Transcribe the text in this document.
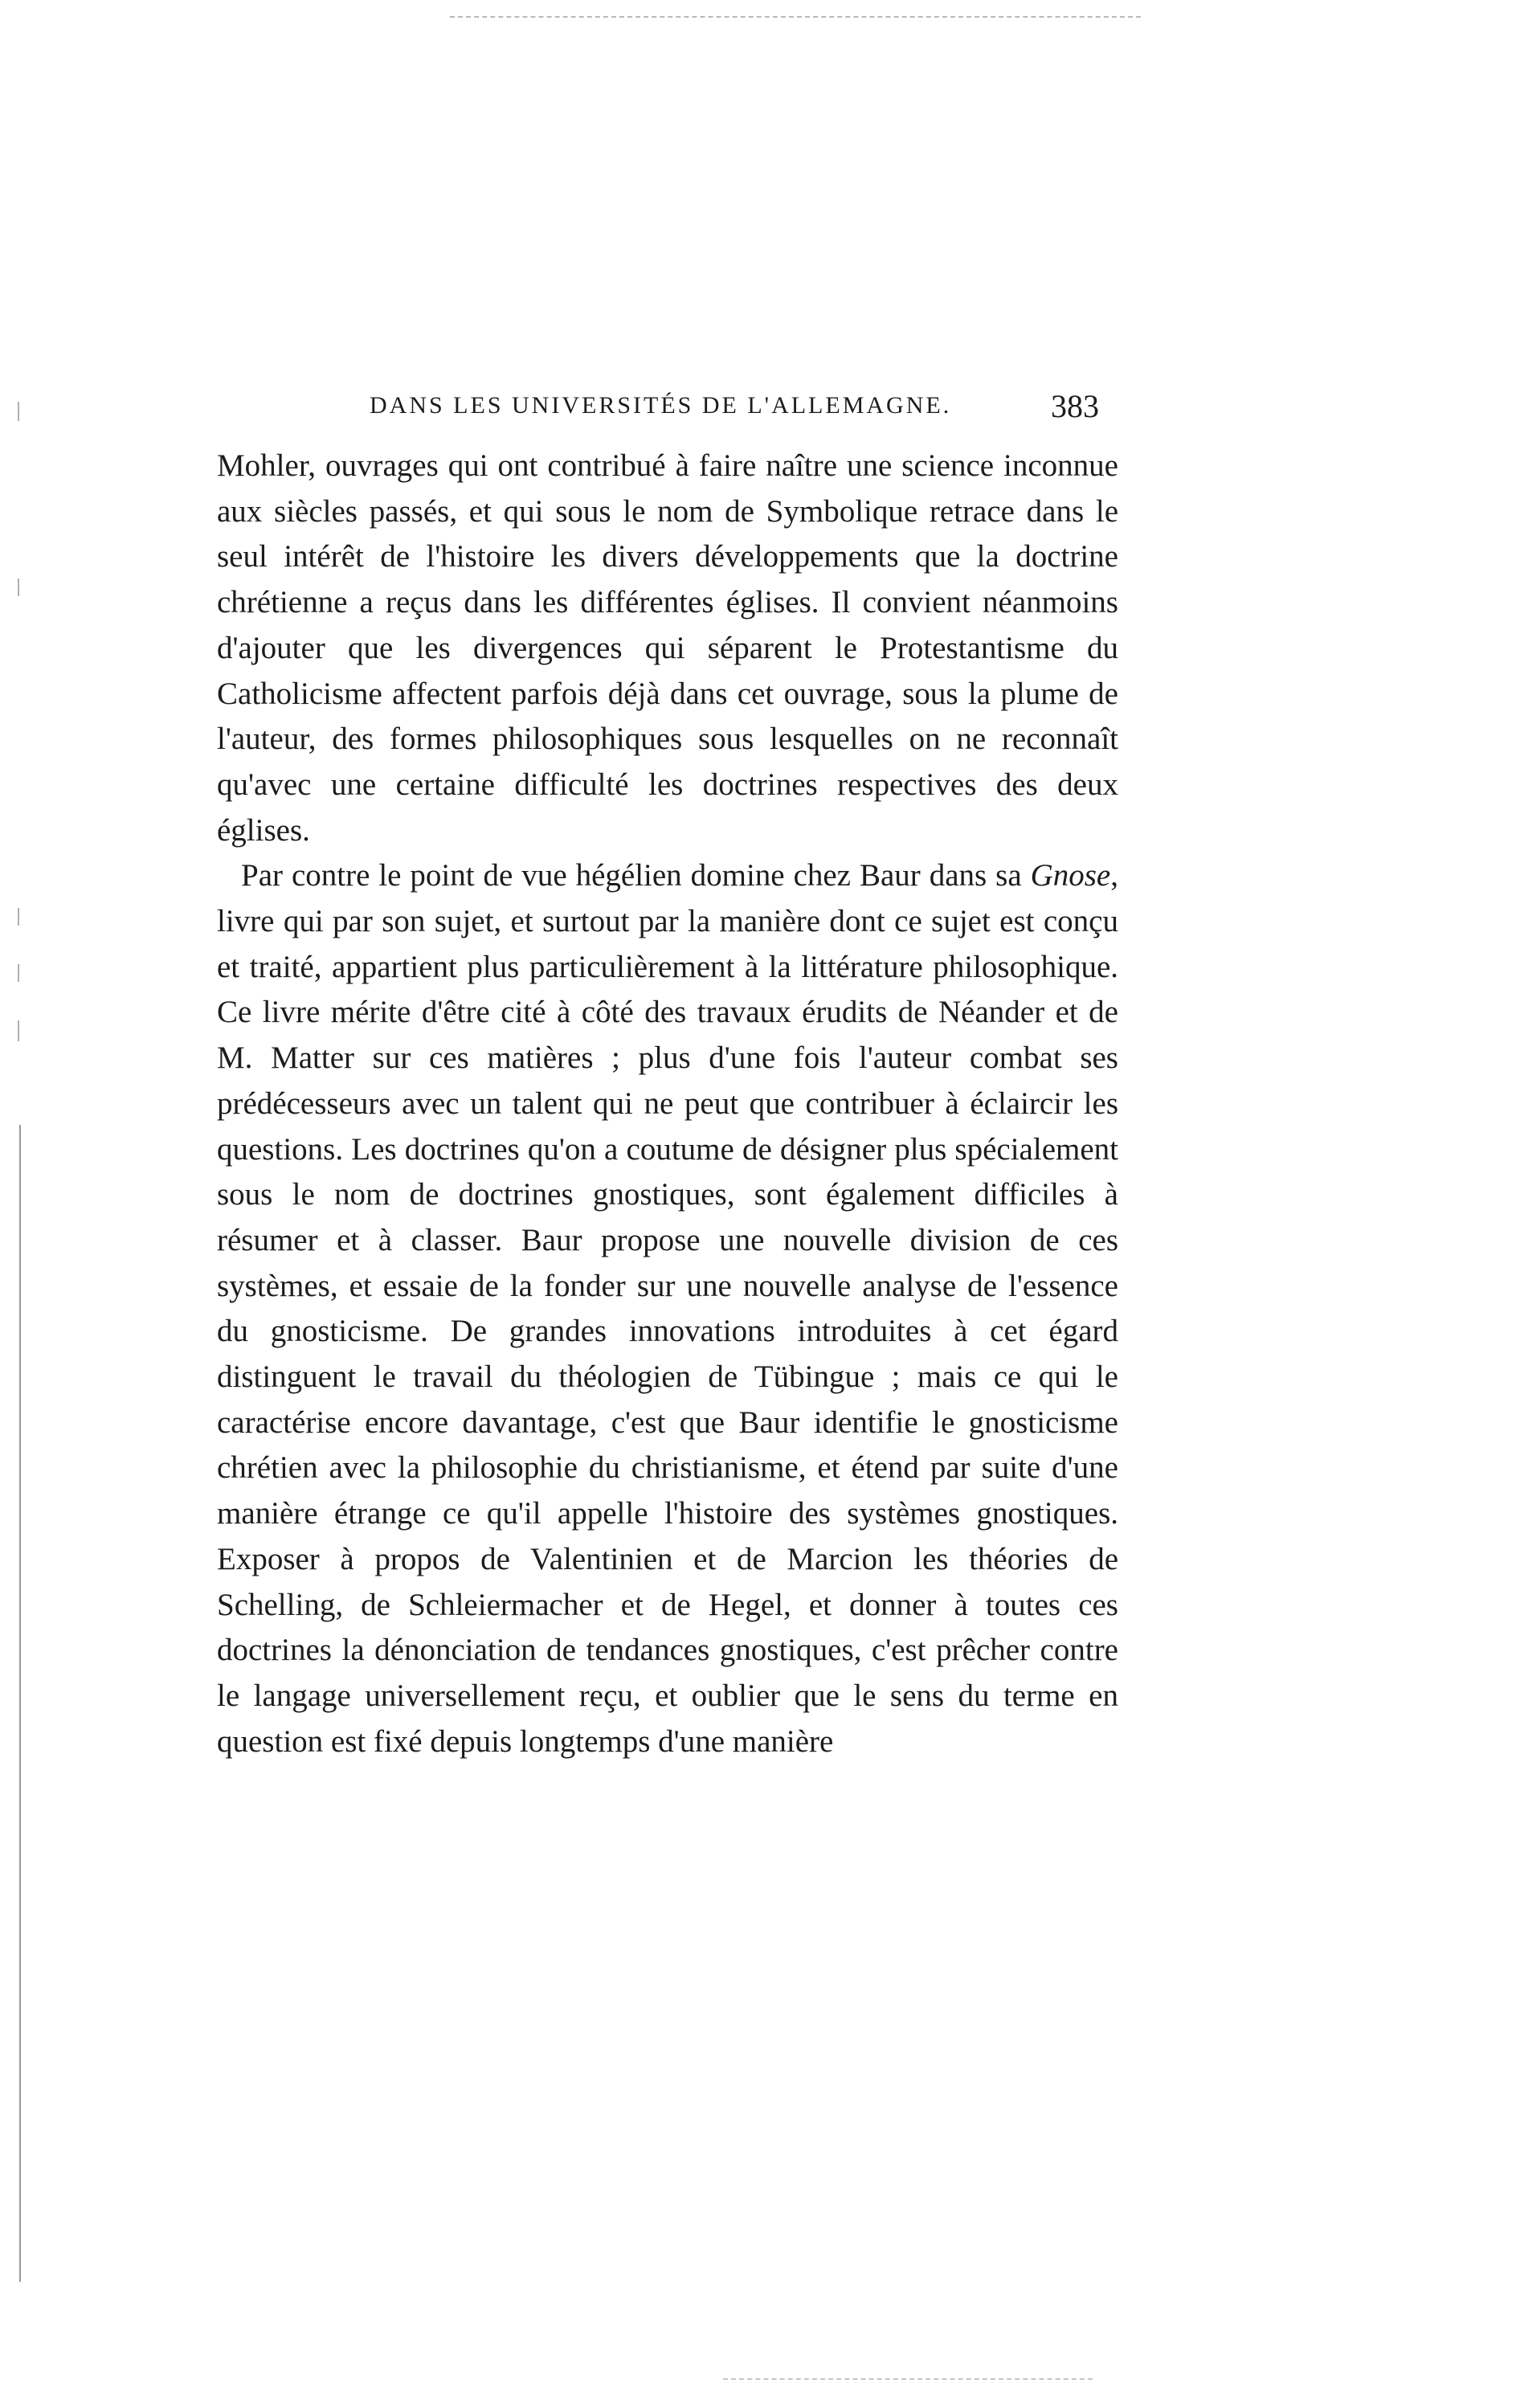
DANS LES UNIVERSITÉS DE L'ALLEMAGNE.	383

Mohler, ouvrages qui ont contribué à faire naître une science inconnue aux siècles passés, et qui sous le nom de Symbolique retrace dans le seul intérêt de l'histoire les divers développements que la doctrine chrétienne a reçus dans les différentes églises. Il convient néanmoins d'ajouter que les divergences qui séparent le Protestantisme du Catholicisme affectent parfois déjà dans cet ouvrage, sous la plume de l'auteur, des formes philosophiques sous lesquelles on ne reconnaît qu'avec une certaine difficulté les doctrines respectives des deux églises.

Par contre le point de vue hégélien domine chez Baur dans sa Gnose, livre qui par son sujet, et surtout par la manière dont ce sujet est conçu et traité, appartient plus particulièrement à la littérature philosophique. Ce livre mérite d'être cité à côté des travaux érudits de Néander et de M. Matter sur ces matières ; plus d'une fois l'auteur combat ses prédécesseurs avec un talent qui ne peut que contribuer à éclaircir les questions. Les doctrines qu'on a coutume de désigner plus spécialement sous le nom de doctrines gnostiques, sont également difficiles à résumer et à classer. Baur propose une nouvelle division de ces systèmes, et essaie de la fonder sur une nouvelle analyse de l'essence du gnosticisme. De grandes innovations introduites à cet égard distinguent le travail du théologien de Tübingue ; mais ce qui le caractérise encore davantage, c'est que Baur identifie le gnosticisme chrétien avec la philosophie du christianisme, et étend par suite d'une manière étrange ce qu'il appelle l'histoire des systèmes gnostiques. Exposer à propos de Valentinien et de Marcion les théories de Schelling, de Schleiermacher et de Hegel, et donner à toutes ces doctrines la dénonciation de tendances gnostiques, c'est prêcher contre le langage universellement reçu, et oublier que le sens du terme en question est fixé depuis longtemps d'une manière
